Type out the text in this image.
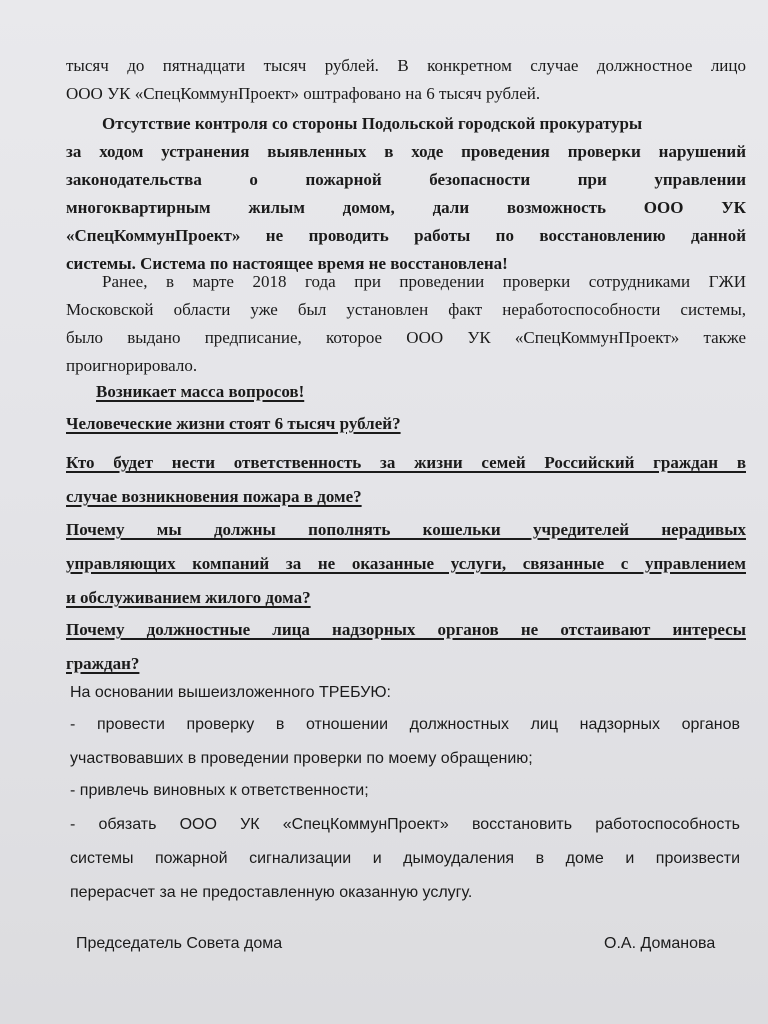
тысяч до пятнадцати тысяч рублей. В конкретном случае должностное лицо
ООО УК «СпецКоммунПроект» оштрафовано на 6 тысяч рублей.
Отсутствие контроля со стороны Подольской городской прокуратуры
за ходом устранения выявленных в ходе проведения проверки нарушений
законодательства о пожарной безопасности при управлении
многоквартирным жилым домом, дали возможность ООО УК
«СпецКоммунПроект» не проводить работы по восстановлению данной
системы. Система по настоящее время не восстановлена!
Ранее, в марте 2018 года при проведении проверки сотрудниками ГЖИ
Московской области уже был установлен факт неработоспособности системы,
было выдано предписание, которое ООО УК «СпецКоммунПроект» также
проигнорировало.
Возникает масса вопросов!
Человеческие жизни стоят 6 тысяч рублей?
Кто будет нести ответственность за жизни семей Российский граждан в
случае возникновения пожара в доме?
Почему мы должны пополнять кошельки учредителей нерадивых
управляющих компаний за не оказанные услуги, связанные с управлением
и обслуживанием жилого дома?
Почему должностные лица надзорных органов не отстаивают интересы
граждан?
На основании вышеизложенного ТРЕБУЮ:
- провести проверку в отношении должностных лиц надзорных органов
участвовавших в проведении проверки по моему обращению;
- привлечь виновных к ответственности;
- обязать ООО УК «СпецКоммунПроект» восстановить работоспособность
системы пожарной сигнализации и дымоудаления в доме и произвести
перерасчет за не предоставленную оказанную услугу.
Председатель Совета дома	О.А. Доманова
